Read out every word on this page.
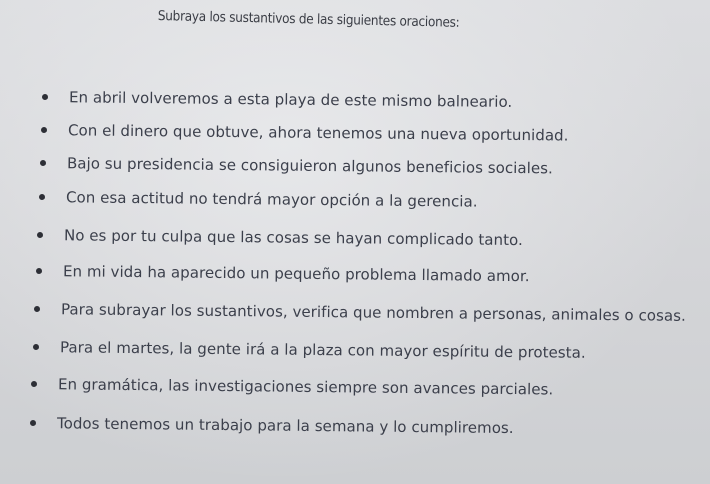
Subraya los sustantivos de las siguientes oraciones:
En abril volveremos a esta playa de este mismo balneario.
Con el dinero que obtuve, ahora tenemos una nueva oportunidad.
Bajo su presidencia se consiguieron algunos beneficios sociales.
Con esa actitud no tendrá mayor opción a la gerencia.
No es por tu culpa que las cosas se hayan complicado tanto.
En mi vida ha aparecido un pequeño problema llamado amor.
Para subrayar los sustantivos, verifica que nombren a personas, animales o cosas.
Para el martes, la gente irá a la plaza con mayor espíritu de protesta.
En gramática, las investigaciones siempre son avances parciales.
Todos tenemos un trabajo para la semana y lo cumpliremos.
